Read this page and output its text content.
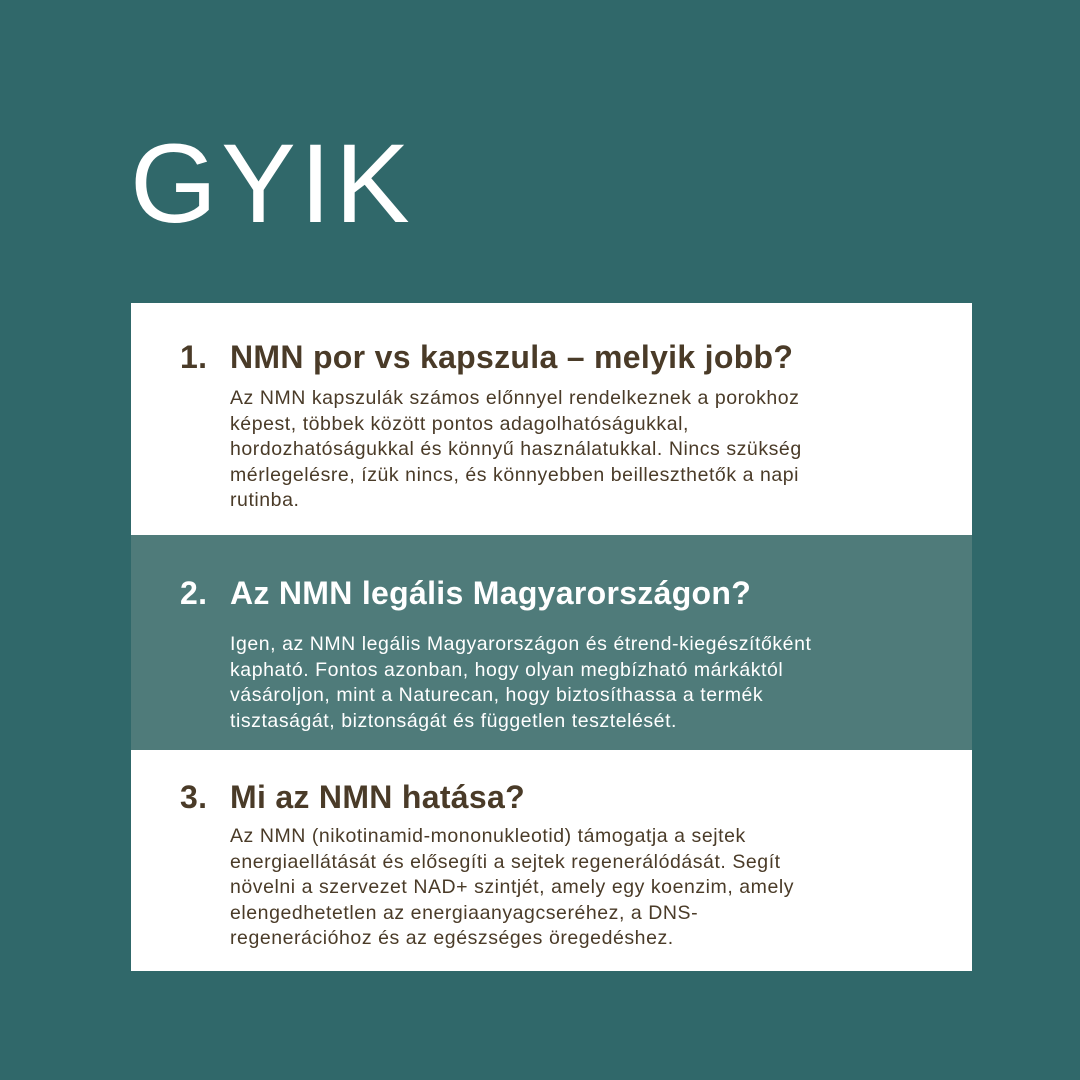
GYIK
1. NMN por vs kapszula – melyik jobb?
Az NMN kapszulák számos előnnyel rendelkeznek a porokhoz
képest, többek között pontos adagolhatóságukkal,
hordozhatóságukkal és könnyű használatukkal. Nincs szükség
mérlegelésre, ízük nincs, és könnyebben beilleszthetők a napi
rutinba.
2. Az NMN legális Magyarországon?
Igen, az NMN legális Magyarországon és étrend-kiegészítőként
kapható. Fontos azonban, hogy olyan megbízható márkáktól
vásároljon, mint a Naturecan, hogy biztosíthassa a termék
tisztaságát, biztonságát és független tesztelését.
3. Mi az NMN hatása?
Az NMN (nikotinamid-mononukleotid) támogatja a sejtek
energiaellátását és elősegíti a sejtek regenerálódását. Segít
növelni a szervezet NAD+ szintjét, amely egy koenzim, amely
elengedhetetlen az energiaanyagcseréhez, a DNS-
regenerációhoz és az egészséges öregedéshez.
